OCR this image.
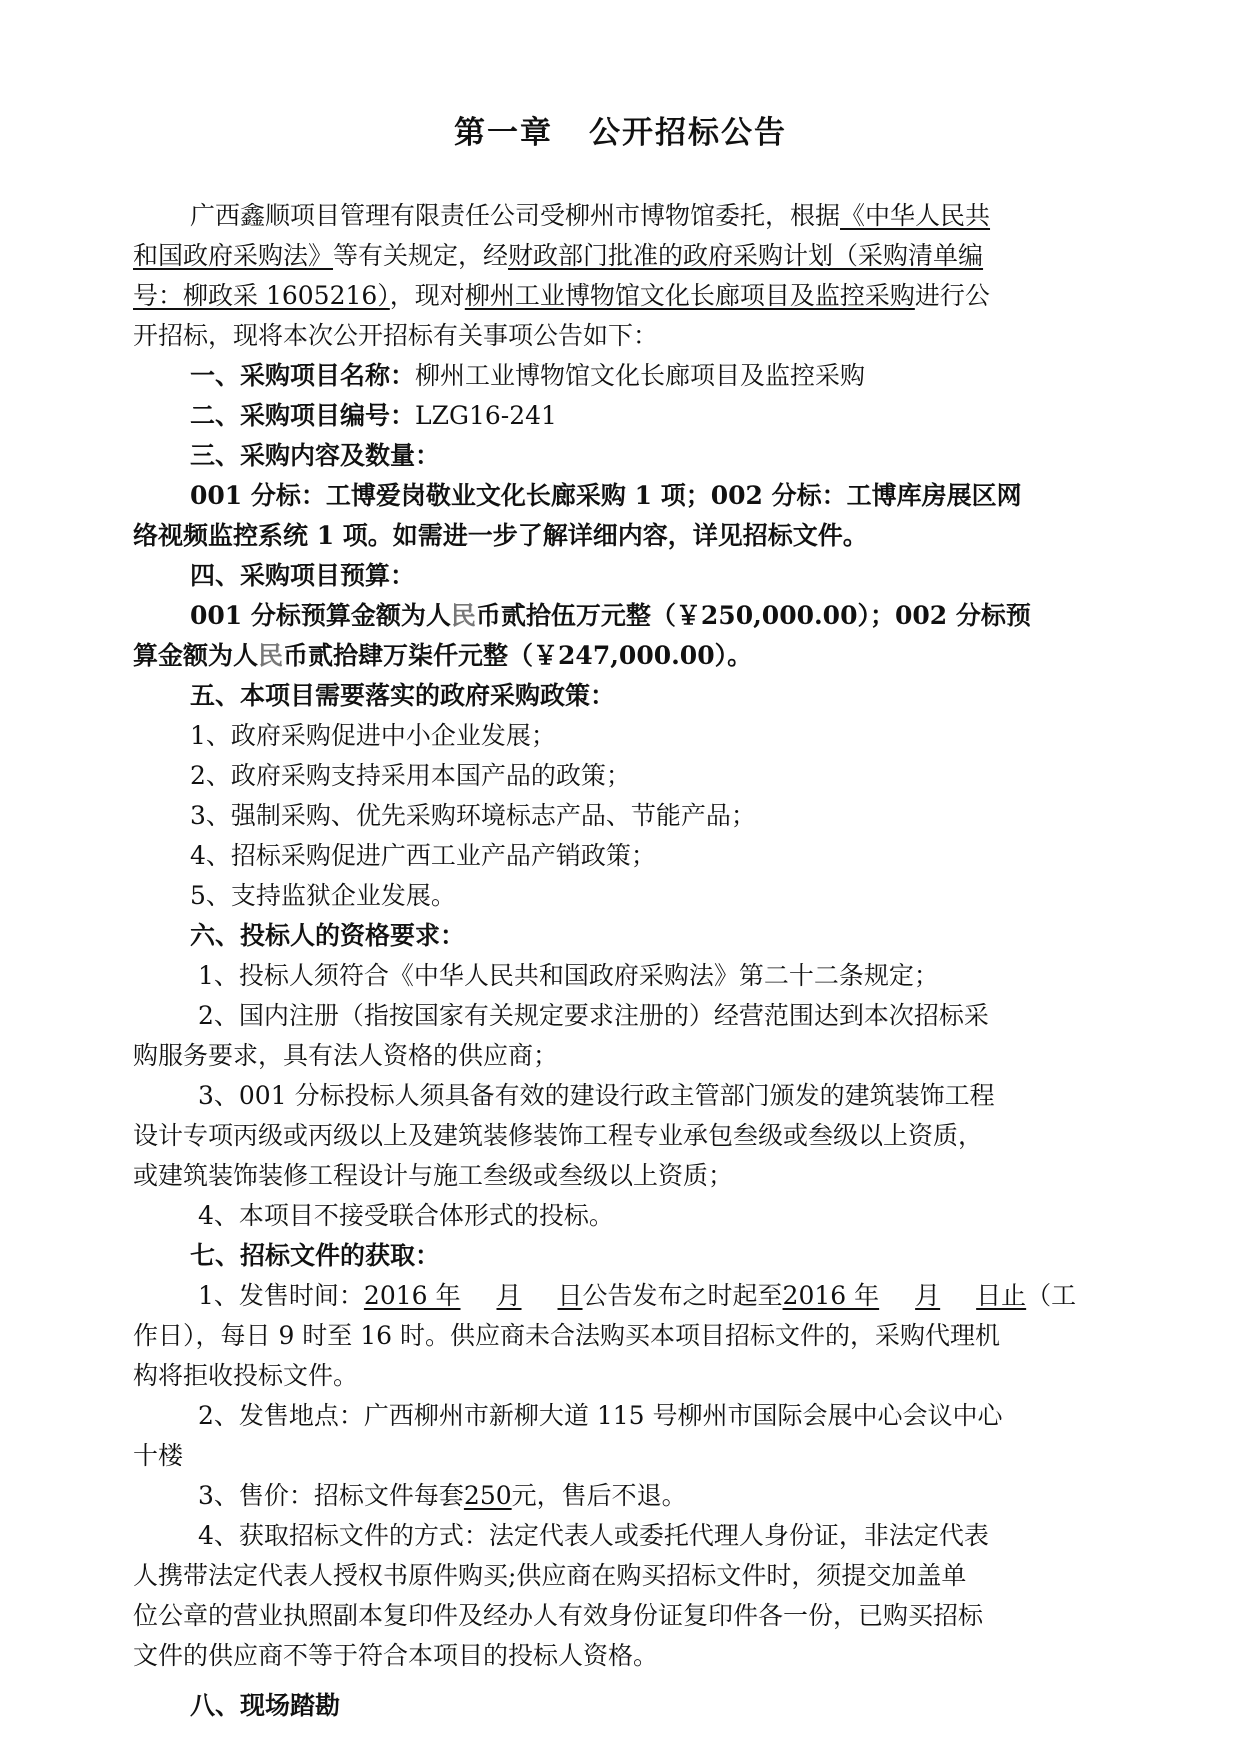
第一章 公开招标公告
广西鑫顺项目管理有限责任公司受柳州市博物馆委托，根据《中华人民共
和国政府采购法》等有关规定，经财政部门批准的政府采购计划（采购清单编
号：柳政采 1605216），现对柳州工业博物馆文化长廊项目及监控采购进行公
开招标，现将本次公开招标有关事项公告如下：
一、采购项目名称：柳州工业博物馆文化长廊项目及监控采购
二、采购项目编号：LZG16-241
三、采购内容及数量：
001 分标：工博爱岗敬业文化长廊采购 1 项；002 分标：工博库房展区网
络视频监控系统 1 项。如需进一步了解详细内容，详见招标文件。
四、采购项目预算：
001 分标预算金额为人民币贰拾伍万元整（￥250,000.00）；002 分标预
算金额为人民币贰拾肆万柒仟元整（￥247,000.00）。
五、本项目需要落实的政府采购政策：
1、政府采购促进中小企业发展；
2、政府采购支持采用本国产品的政策；
3、强制采购、优先采购环境标志产品、节能产品；
4、招标采购促进广西工业产品产销政策；
5、支持监狱企业发展。
六、投标人的资格要求：
1、投标人须符合《中华人民共和国政府采购法》第二十二条规定；
2、国内注册（指按国家有关规定要求注册的）经营范围达到本次招标采
购服务要求，具有法人资格的供应商；
3、001 分标投标人须具备有效的建设行政主管部门颁发的建筑装饰工程
设计专项丙级或丙级以上及建筑装修装饰工程专业承包叁级或叁级以上资质，
或建筑装饰装修工程设计与施工叁级或叁级以上资质；
4、本项目不接受联合体形式的投标。
七、招标文件的获取：
1、发售时间：2016 年 月 日公告发布之时起至2016 年 月 日止（工
作日），每日 9 时至 16 时。供应商未合法购买本项目招标文件的，采购代理机
构将拒收投标文件。
2、发售地点：广西柳州市新柳大道 115 号柳州市国际会展中心会议中心
十楼
3、售价：招标文件每套250元，售后不退。
4、获取招标文件的方式：法定代表人或委托代理人身份证，非法定代表
人携带法定代表人授权书原件购买;供应商在购买招标文件时，须提交加盖单
位公章的营业执照副本复印件及经办人有效身份证复印件各一份，已购买招标
文件的供应商不等于符合本项目的投标人资格。
八、现场踏勘
